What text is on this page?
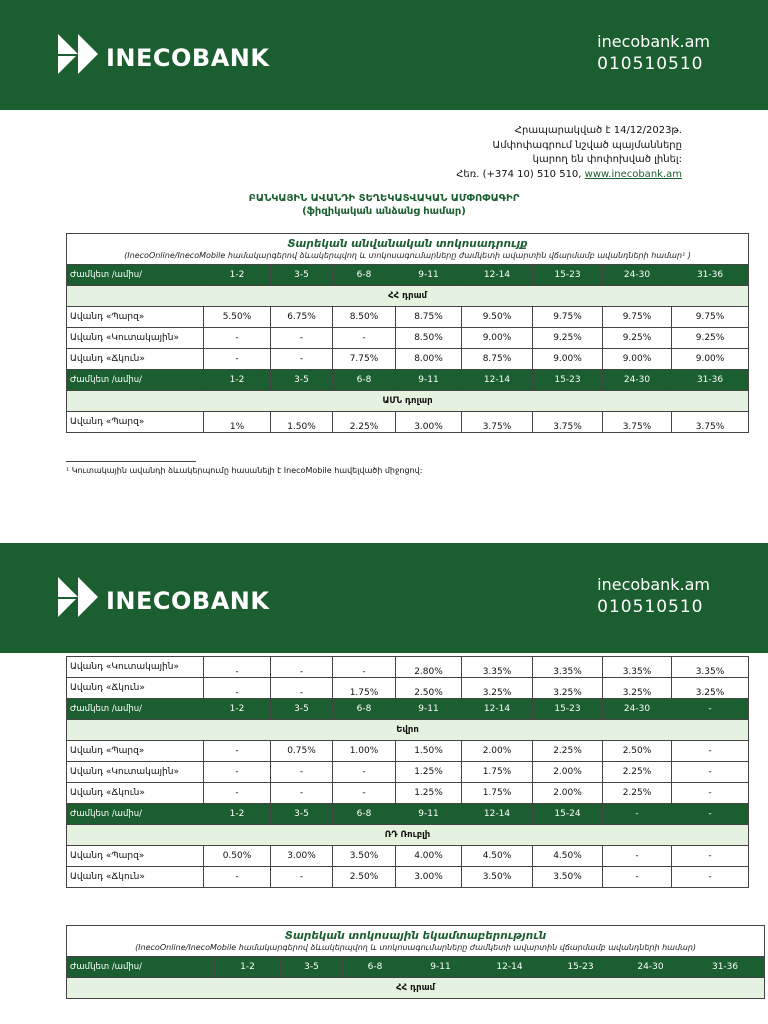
INECOBANK
inecobank.am
010510510
Հրապարակված է 14/12/2023թ.
Ամփոփագրում նշված պայմանները
կարող են փոփոխված լինել:
Հեռ. (+374 10) 510 510, www.inecobank.am
ԲԱՆԿԱՅԻՆ ԱՎԱՆԴԻ ՏԵՂԵԿԱՏՎԱԿԱՆ ԱՄՓՈՓԱԳԻՐ
(ֆիզիկական անձանց համար)
Տարեկան անվանական տոկոսադրույք
(InecoOnline/InecoMobile համակարգերով ձևակերպվող և տոկոսագումարները ժամկետի ավարտին վճարմամբ ավանդների համար¹ )								

Ժամկետ /ամիս/	1-2	3-5	6-8	9-11	12-14	15-23	24-30	31-36
ՀՀ դրամ								
Ավանդ «Պարզ»	5.50%	6.75%	8.50%	8.75%	9.50%	9.75%	9.75%	9.75%
Ավանդ «Կուտակային»	-	-	-	8.50%	9.00%	9.25%	9.25%	9.25%
Ավանդ «Ճկուն»	-	-	7.75%	8.00%	8.75%	9.00%	9.00%	9.00%
Ժամկետ /ամիս/	1-2	3-5	6-8	9-11	12-14	15-23	24-30	31-36
ԱՄՆ դոլար								
Ավանդ «Պարզ»	1%	1.50%	2.25%	3.00%	3.75%	3.75%	3.75%	3.75%
¹ Կուտակային ավանդի ձևակերպումը հասանելի է InecoMobile հավելվածի միջոցով:
INECOBANK
inecobank.am
010510510
Ավանդ «Կուտակային»	-	-	-	2.80%	3.35%	3.35%	3.35%	3.35%
Ավանդ «Ճկուն»	-	-	1.75%	2.50%	3.25%	3.25%	3.25%	3.25%
Ժամկետ /ամիս/	1-2	3-5	6-8	9-11	12-14	15-23	24-30	-
Եվրո								
Ավանդ «Պարզ»	-	0.75%	1.00%	1.50%	2.00%	2.25%	2.50%	-
Ավանդ «Կուտակային»	-	-	-	1.25%	1.75%	2.00%	2.25%	-
Ավանդ «Ճկուն»	-	-	-	1.25%	1.75%	2.00%	2.25%	-
Ժամկետ /ամիս/	1-2	3-5	6-8	9-11	12-14	15-24	-	-
ՌԴ Ռուբլի								
Ավանդ «Պարզ»	0.50%	3.00%	3.50%	4.00%	4.50%	4.50%	-	-
Ավանդ «Ճկուն»	-	-	2.50%	3.00%	3.50%	3.50%	-	-
Տարեկան տոկոսային եկամտաբերություն
(InecoOnline/InecoMobile համակարգերով ձևակերպվող և տոկոսագումարները ժամկետի ավարտին վճարմամբ ավանդների համար)

Ժամկետ /ամիս/	1-2	3-5	6-8	9-11	12-14	15-23	24-30	31-36
ՀՀ դրամ
